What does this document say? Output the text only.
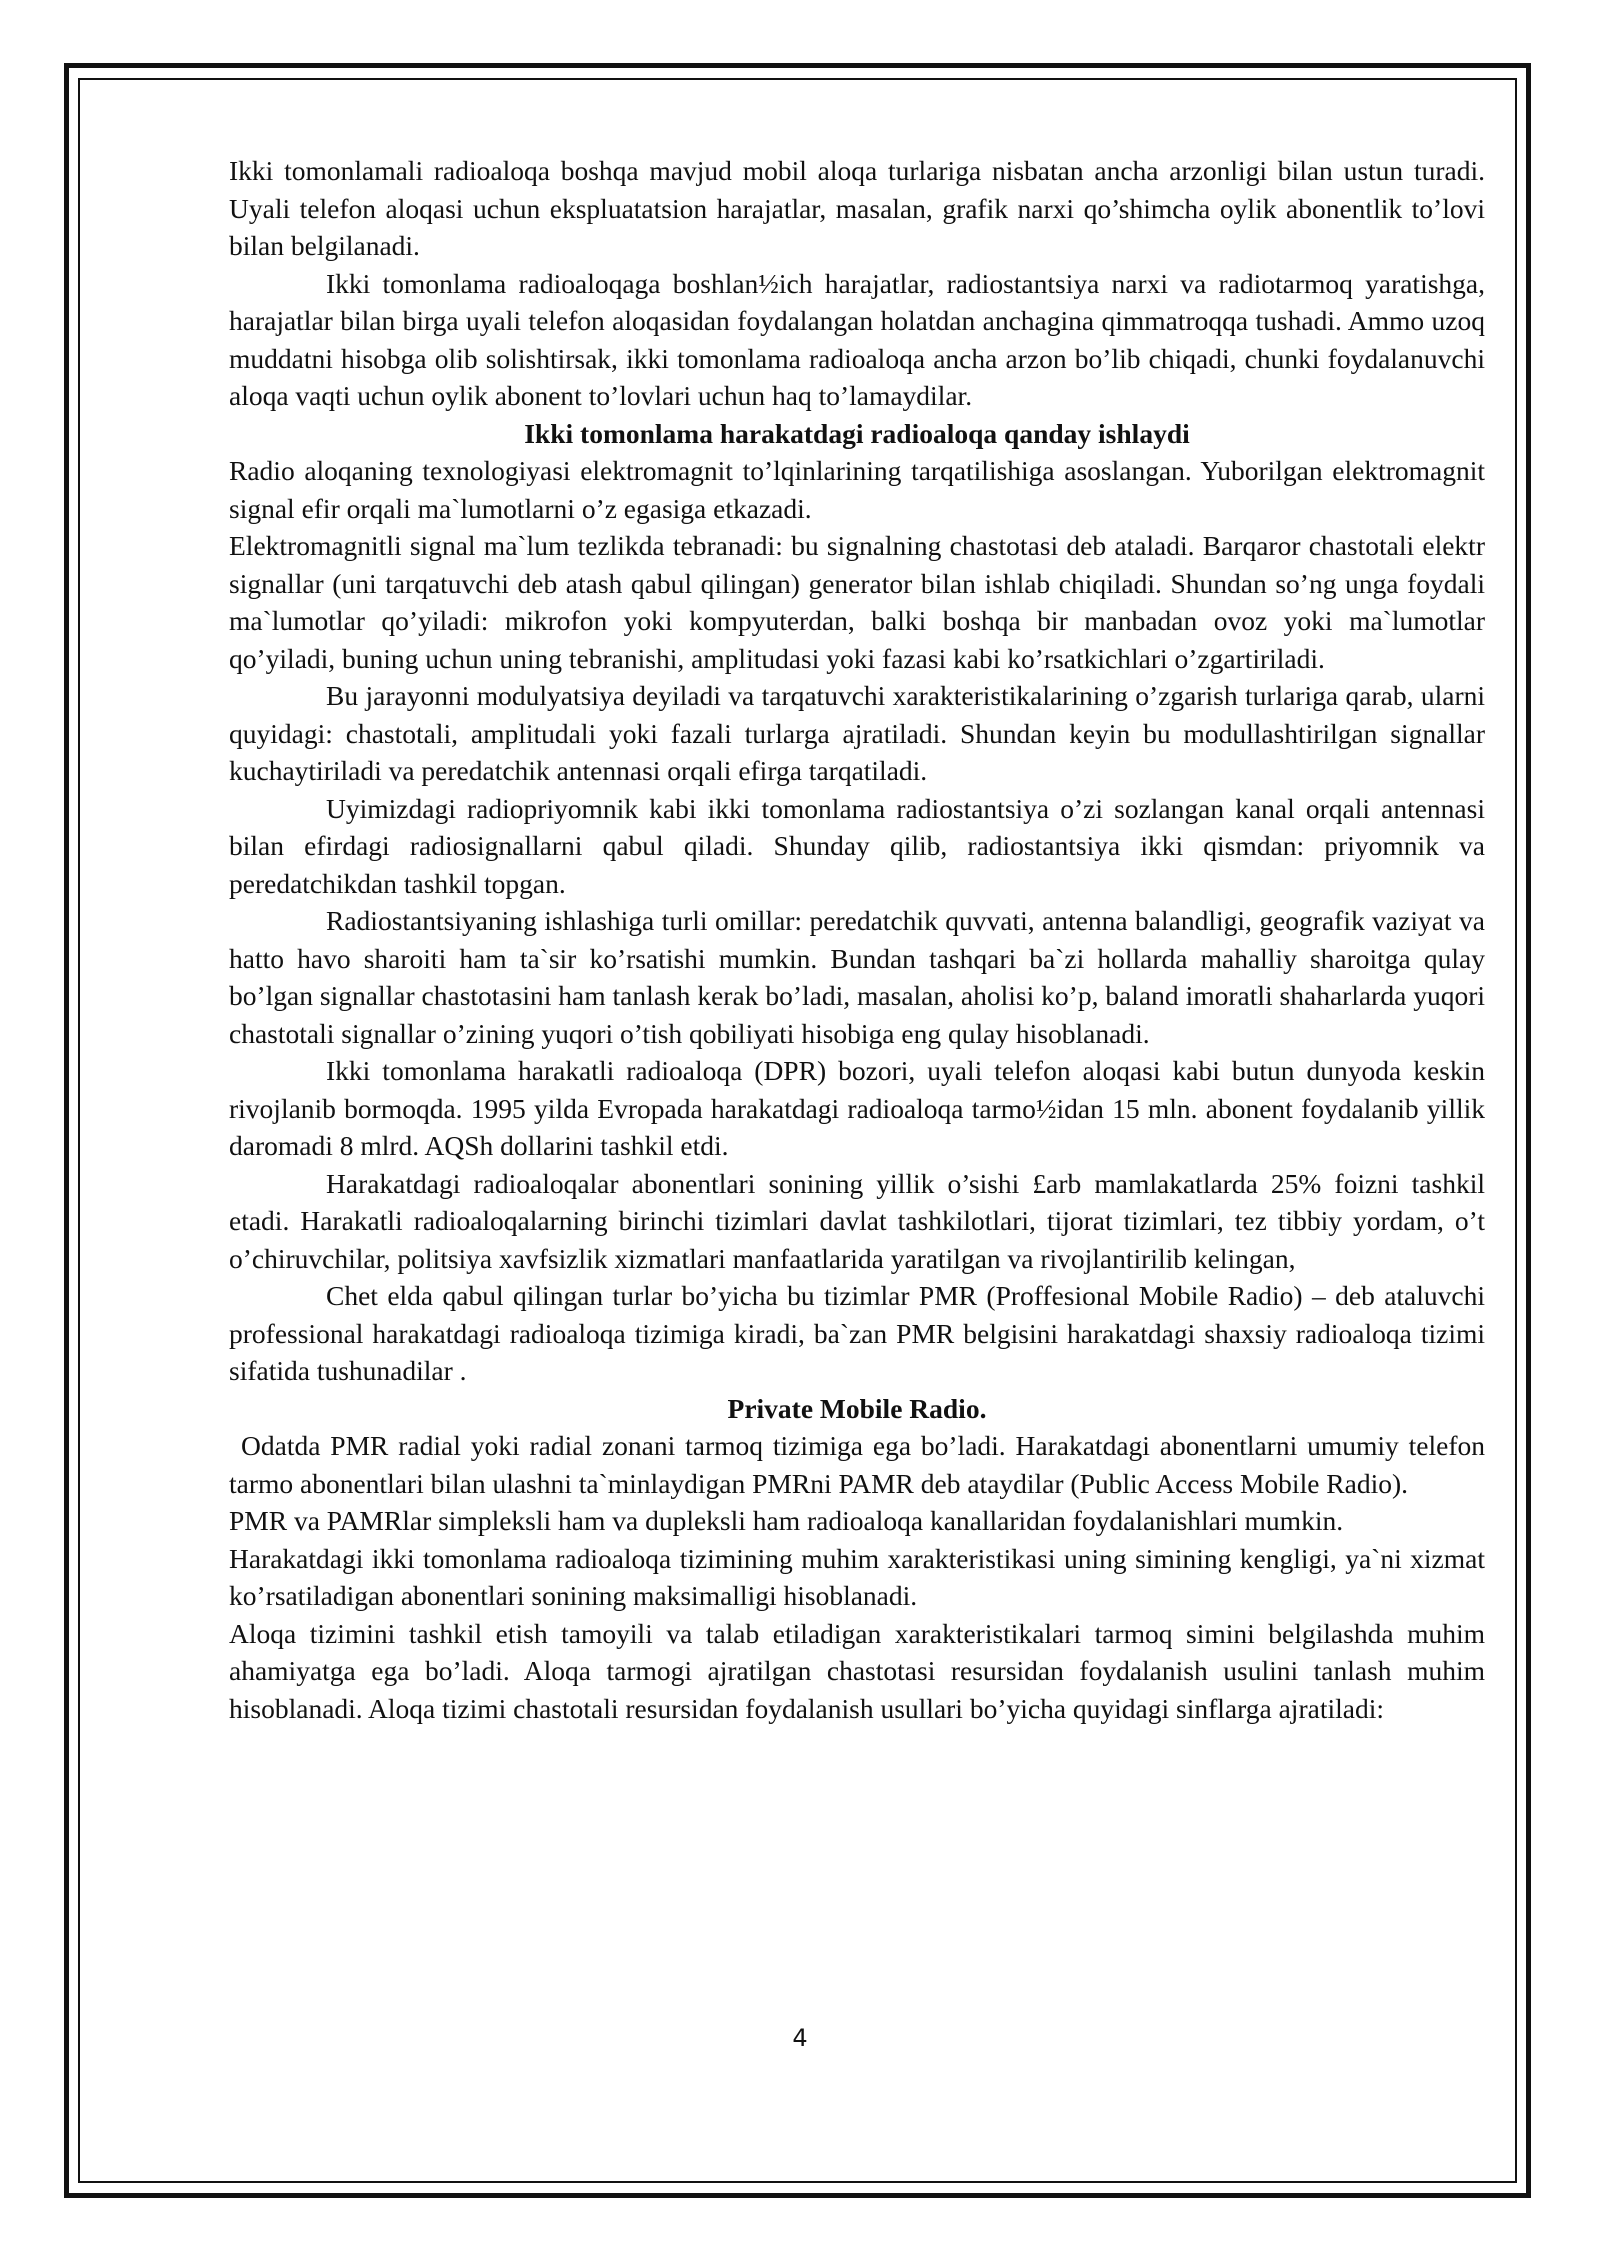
Ikki tomonlamali radioaloqa boshqa mavjud mobil aloqa turlariga nisbatan ancha arzonligi bilan ustun turadi. Uyali telefon aloqasi uchun ekspluatatsion harajatlar, masalan, grafik narxi qo’shimcha oylik abonentlik to’lovi bilan belgilanadi.

Ikki tomonlama radioaloqaga boshlan½ich harajatlar, radiostantsiya narxi va radiotarmoq yaratishga, harajatlar bilan birga uyali telefon aloqasidan foydalangan holatdan anchagina qimmatroqqa tushadi. Ammo uzoq muddatni hisobga olib solishtirsak, ikki tomonlama radioaloqa ancha arzon bo’lib chiqadi, chunki foydalanuvchi aloqa vaqti uchun oylik abonent to’lovlari uchun haq to’lamaydilar.

Ikki tomonlama harakatdagi radioaloqa qanday ishlaydi

Radio aloqaning texnologiyasi elektromagnit to’lqinlarining tarqatilishiga asoslangan. Yuborilgan elektromagnit signal efir orqali ma`lumotlarni o’z egasiga etkazadi.

Elektromagnitli signal ma`lum tezlikda tebranadi: bu signalning chastotasi deb ataladi. Barqaror chastotali elektr signallar (uni tarqatuvchi deb atash qabul qilingan) generator bilan ishlab chiqiladi. Shundan so’ng unga foydali ma`lumotlar qo’yiladi: mikrofon yoki kompyuterdan, balki boshqa bir manbadan ovoz yoki ma`lumotlar qo’yiladi, buning uchun uning tebranishi, amplitudasi yoki fazasi kabi ko’rsatkichlari o’zgartiriladi.

Bu jarayonni modulyatsiya deyiladi va tarqatuvchi xarakteristikalarining o’zgarish turlariga qarab, ularni quyidagi: chastotali, amplitudali yoki fazali turlarga ajratiladi. Shundan keyin bu modullashtirilgan signallar kuchaytiriladi va peredatchik antennasi orqali efirga tarqatiladi.

Uyimizdagi radiopriyomnik kabi ikki tomonlama radiostantsiya o’zi sozlangan kanal orqali antennasi bilan efirdagi radiosignallarni qabul qiladi. Shunday qilib, radiostantsiya ikki qismdan: priyomnik va peredatchikdan tashkil topgan.

Radiostantsiyaning ishlashiga turli omillar: peredatchik quvvati, antenna balandligi, geografik vaziyat va hatto havo sharoiti ham ta`sir ko’rsatishi mumkin. Bundan tashqari ba`zi hollarda mahalliy sharoitga qulay bo’lgan signallar chastotasini ham tanlash kerak bo’ladi, masalan, aholisi ko’p, baland imoratli shaharlarda yuqori chastotali signallar o’zining yuqori o’tish qobiliyati hisobiga eng qulay hisoblanadi.

Ikki tomonlama harakatli radioaloqa (DPR) bozori, uyali telefon aloqasi kabi butun dunyoda keskin rivojlanib bormoqda. 1995 yilda Evropada harakatdagi radioaloqa tarmo½idan 15 mln. abonent foydalanib yillik daromadi 8 mlrd. AQSh dollarini tashkil etdi.

Harakatdagi radioaloqalar abonentlari sonining yillik o’sishi £arb mamlakatlarda 25% foizni tashkil etadi. Harakatli radioaloqalarning birinchi tizimlari davlat tashkilotlari, tijorat tizimlari, tez tibbiy yordam, o’t o’chiruvchilar, politsiya xavfsizlik xizmatlari manfaatlarida yaratilgan va rivojlantirilib kelingan,

Chet elda qabul qilingan turlar bo’yicha bu tizimlar PMR (Proffesional Mobile Radio) – deb ataluvchi professional harakatdagi radioaloqa tizimiga kiradi, ba`zan PMR belgisini harakatdagi shaxsiy radioaloqa tizimi sifatida tushunadilar .

Private Mobile Radio.

Odatda PMR radial yoki radial zonani tarmoq tizimiga ega bo’ladi. Harakatdagi abonentlarni umumiy telefon tarmo abonentlari bilan ulashni ta`minlaydigan PMRni PAMR deb ataydilar (Public Access Mobile Radio).

PMR va PAMRlar simpleksli ham va dupleksli ham radioaloqa kanallaridan foydalanishlari mumkin.

Harakatdagi ikki tomonlama radioaloqa tizimining muhim xarakteristikasi uning simining kengligi, ya`ni xizmat ko’rsatiladigan abonentlari sonining maksimalligi hisoblanadi.

Aloqa tizimini tashkil etish tamoyili va talab etiladigan xarakteristikalari tarmoq simini belgilashda muhim ahamiyatga ega bo’ladi. Aloqa tarmogi ajratilgan chastotasi resursidan foydalanish usulini tanlash muhim hisoblanadi. Aloqa tizimi chastotali resursidan foydalanish usullari bo’yicha quyidagi sinflarga ajratiladi:

4
